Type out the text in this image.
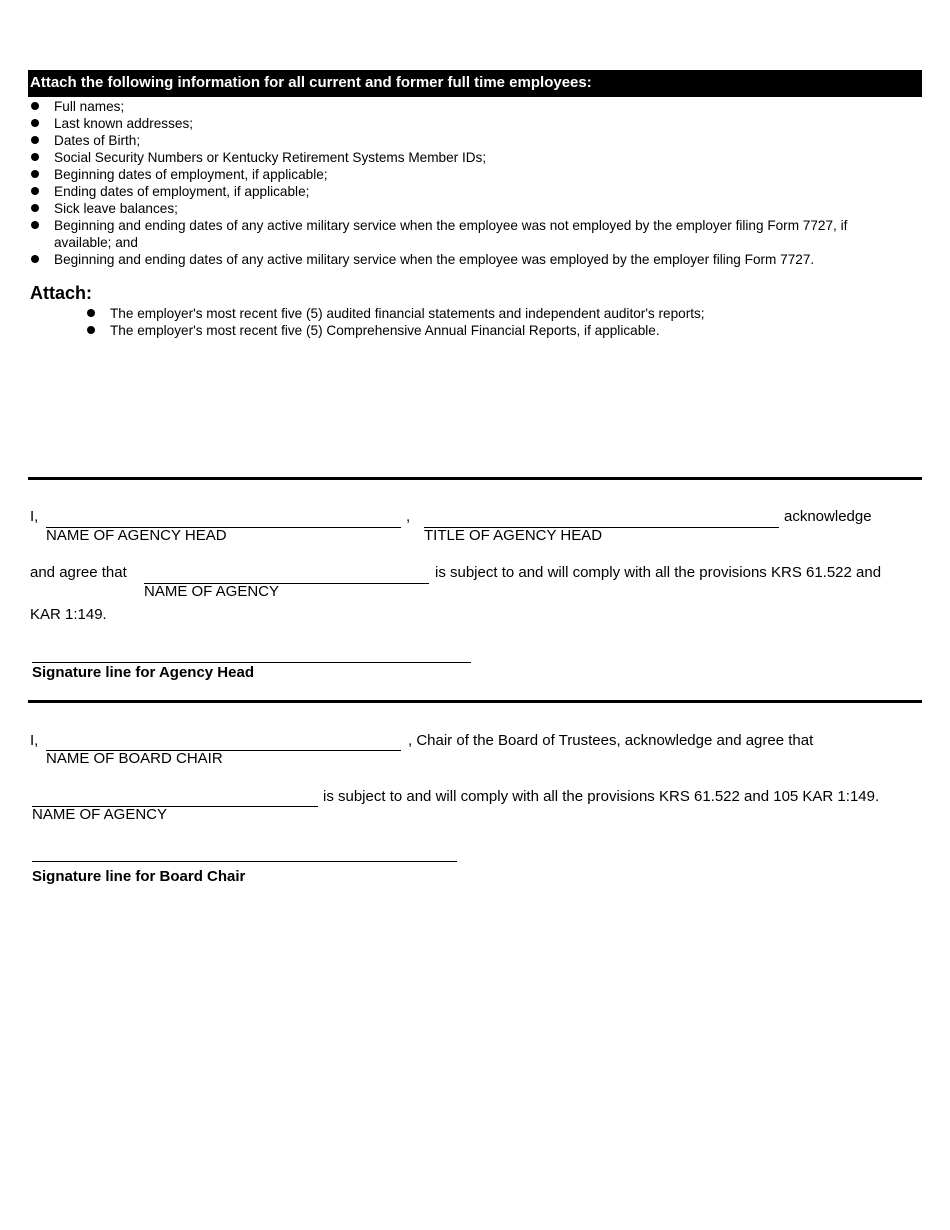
Attach the following information for all current and former full time employees:
Full names;
Last known addresses;
Dates of Birth;
Social Security Numbers or Kentucky Retirement Systems Member IDs;
Beginning dates of employment, if applicable;
Ending dates of employment, if applicable;
Sick leave balances;
Beginning and ending dates of any active military service when the employee was not employed by the employer filing Form 7727, if available; and
Beginning and ending dates of any active military service when the employee was employed by the employer filing Form 7727.
Attach:
The employer's most recent five (5) audited financial statements and independent auditor's reports;
The employer's most recent five (5) Comprehensive Annual Financial Reports, if applicable.
I,	,	acknowledge
NAME OF AGENCY HEAD	TITLE OF AGENCY HEAD
and agree that	is subject to and will comply with all the provisions KRS 61.522 and
NAME OF AGENCY
KAR 1:149.
Signature line for Agency Head
I,	, Chair of the Board of Trustees, acknowledge and agree that
NAME OF BOARD CHAIR
is subject to and will comply with all the provisions KRS 61.522 and 105 KAR 1:149.
NAME OF AGENCY
Signature line for Board Chair
